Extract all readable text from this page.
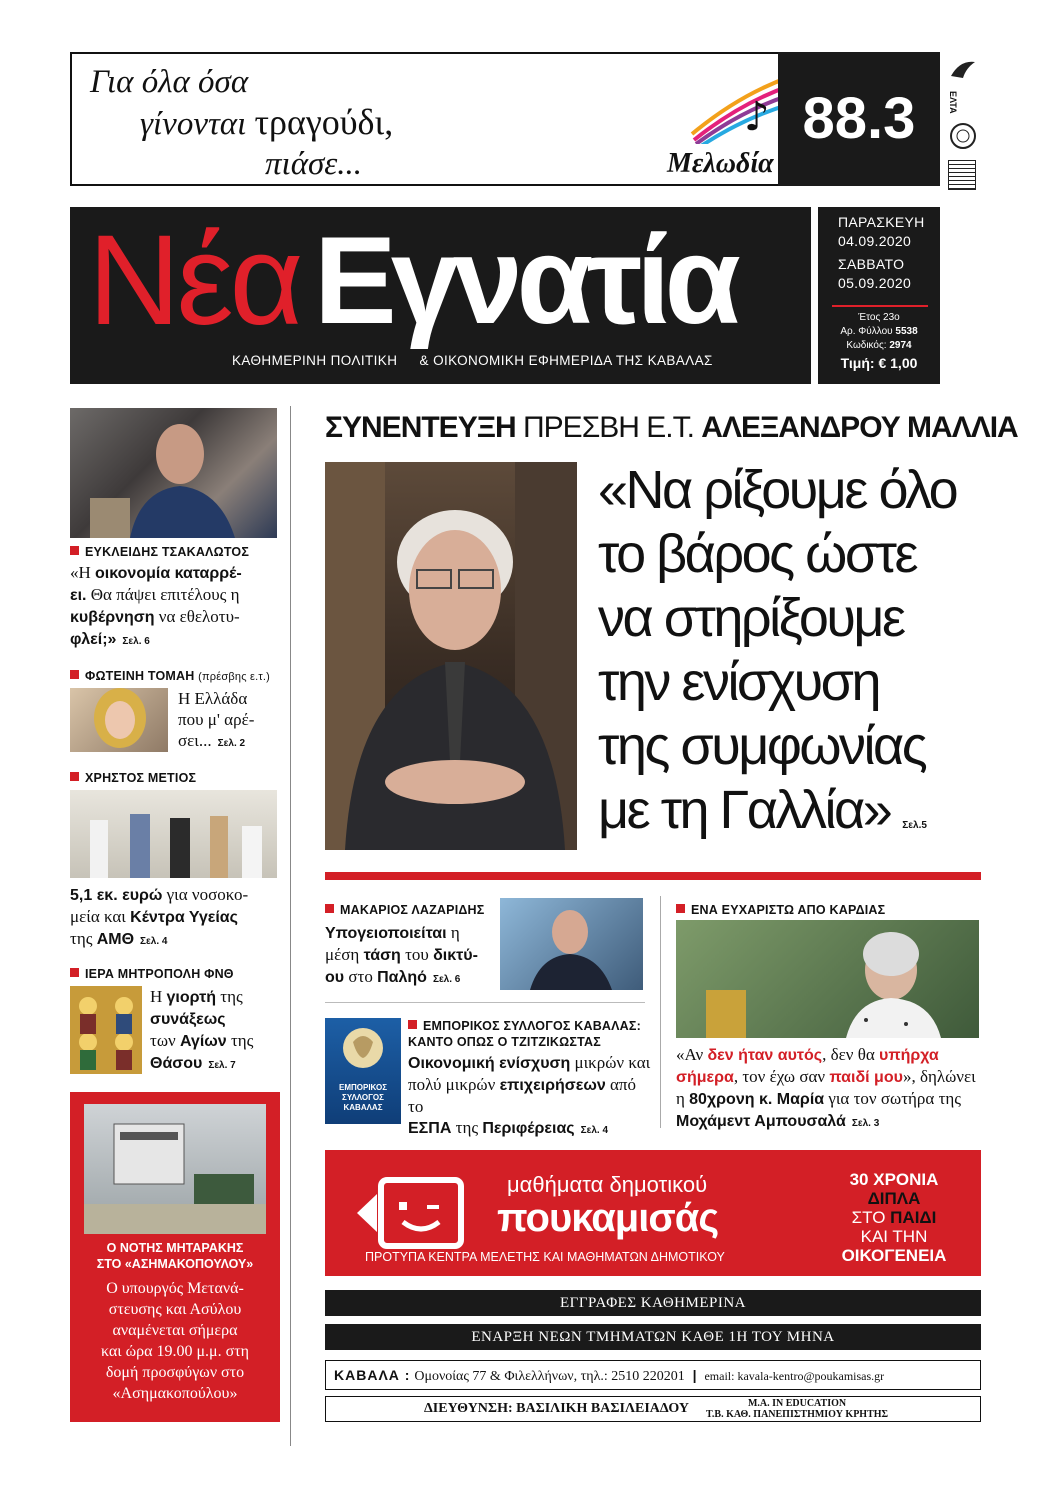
Για όλα όσα
γίνονται τραγούδι,
πιάσε...
♪
Μελωδία
88.3	ΕΛΤΑ
Νέα Εγνατία
ΚΑΘΗΜΕΡΙΝΗ ΠΟΛΙΤΙΚΗ & ΟΙΚΟΝΟΜΙΚΗ ΕΦΗΜΕΡΙΔΑ ΤΗΣ ΚΑΒΑΛΑΣ
ΠΑΡΑΣΚΕΥΗ
04.09.2020
ΣΑΒΒΑΤΟ
05.09.2020
Έτος 23ο
Αρ. Φύλλου 5538
Κωδικός: 2974
Τιμή: € 1,00
ΕΥΚΛΕΙΔΗΣ ΤΣΑΚΑΛΩΤΟΣ
«Η οικονομία καταρρέ-
ει. Θα πάψει επιτέλους η
κυβέρνηση να εθελοτυ-
φλεί;» Σελ. 6
ΦΩΤΕΙΝΗ ΤΟΜΑΗ (πρέσβης ε.τ.)
Η Ελλάδα
που μ' αρέ-
σει... Σελ. 2
ΧΡΗΣΤΟΣ ΜΕΤΙΟΣ
5,1 εκ. ευρώ για νοσοκο-
μεία και Κέντρα Υγείας
της ΑΜΘ Σελ. 4
ΙΕΡΑ ΜΗΤΡΟΠΟΛΗ ΦΝΘ
Η γιορτή της
συνάξεως
των Αγίων της
Θάσου Σελ. 7
Ο ΝΟΤΗΣ ΜΗΤΑΡΑΚΗΣ
ΣΤΟ «ΑΣΗΜΑΚΟΠΟΥΛΟΥ»
Ο υπουργός Μετανά-
στευσης και Ασύλου
αναμένεται σήμερα
και ώρα 19.00 μ.μ. στη
δομή προσφύγων στο
«Ασημακοπούλου»
ΣΥΝΕΝΤΕΥΞΗ ΠΡΕΣΒΗ Ε.Τ. ΑΛΕΞΑΝΔΡΟΥ ΜΑΛΛΙΑ
«Να ρίξουμε όλο
το βάρος ώστε
να στηρίξουμε
την ενίσχυση
της συμφωνίας
με τη Γαλλία» Σελ.5
ΜΑΚΑΡΙΟΣ ΛΑΖΑΡΙΔΗΣ
Υπογειοποιείται η
μέση τάση του δικτύ-
ου στο Παληό Σελ. 6
ΕΜΠΟΡΙΚΟΣ
ΣΥΛΛΟΓΟΣ
ΚΑΒΑΛΑΣ
ΕΜΠΟΡΙΚΟΣ ΣΥΛΛΟΓΟΣ ΚΑΒΑΛΑΣ:
ΚΑΝΤΟ ΟΠΩΣ Ο ΤΖΙΤΖΙΚΩΣΤΑΣ
Οικονομική ενίσχυση μικρών και
πολύ μικρών επιχειρήσεων από το
ΕΣΠΑ της Περιφέρειας Σελ. 4
ΕΝΑ ΕΥΧΑΡΙΣΤΩ ΑΠΟ ΚΑΡΔΙΑΣ
«Αν δεν ήταν αυτός, δεν θα υπήρχα
σήμερα, τον έχω σαν παιδί μου», δηλώνει
η 80χρονη κ. Μαρία για τον σωτήρα της
Μοχάμεντ Αμπουσαλά Σελ. 3
μαθήματα δημοτικού
πουκαμισάς
ΠΡΟΤΥΠΑ ΚΕΝΤΡΑ ΜΕΛΕΤΗΣ ΚΑΙ ΜΑΘΗΜΑΤΩΝ ΔΗΜΟΤΙΚΟΥ
30 ΧΡΟΝΙΑ
ΔΙΠΛΑ
ΣΤΟ ΠΑΙΔΙ
ΚΑΙ ΤΗΝ
ΟΙΚΟΓΕΝΕΙΑ
ΕΓΓΡΑΦΕΣ ΚΑΘΗΜΕΡΙΝΑ
ΕΝΑΡΞΗ ΝΕΩΝ ΤΜΗΜΑΤΩΝ ΚΑΘΕ 1Η ΤΟΥ ΜΗΝΑ
ΚΑΒΑΛΑ : Ομονοίας 77 & Φιλελλήνων, τηλ.: 2510 220201 | email: kavala-kentro@poukamisas.gr
ΔΙΕΥΘΥΝΣΗ: ΒΑΣΙΛΙΚΗ ΒΑΣΙΛΕΙΑΔΟΥ	M.A. IN EDUCATION
Τ.Β. ΚΑΘ. ΠΑΝΕΠΙΣΤΗΜΙΟΥ ΚΡΗΤΗΣ
